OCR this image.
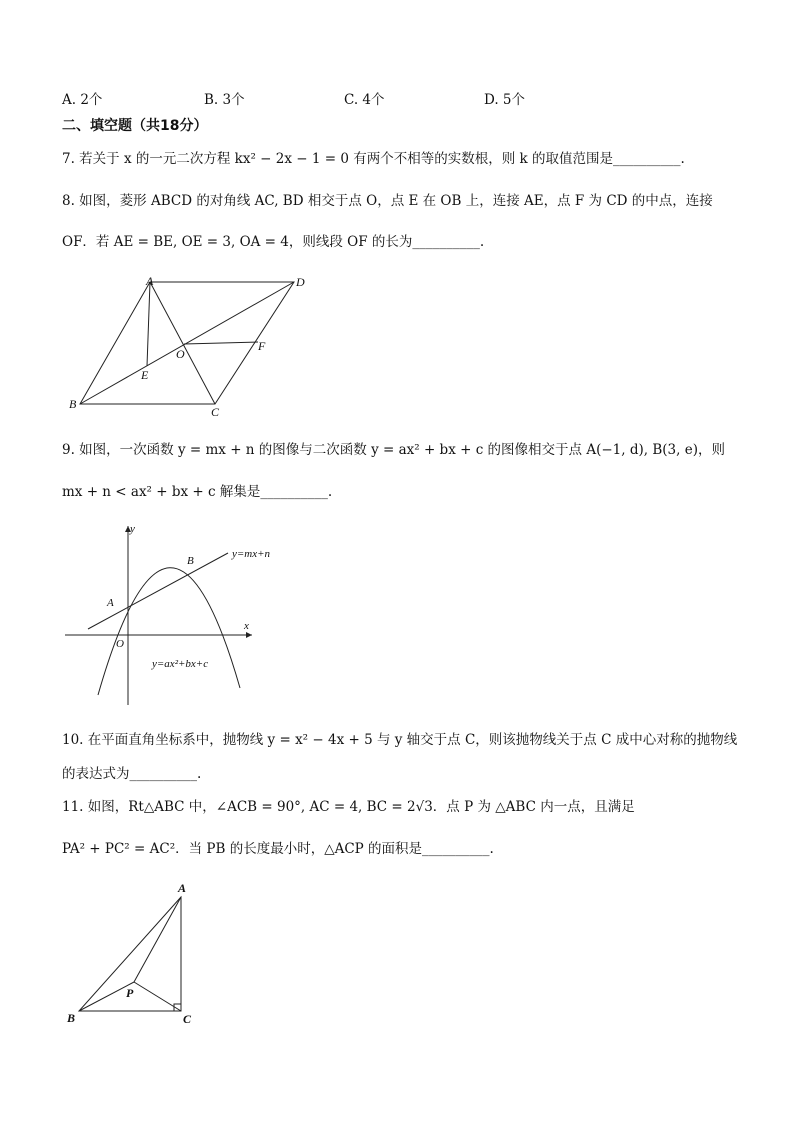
A. 2个	B. 3个	C. 4个	D. 5个
二、填空题（共18分）
7. 若关于 x 的一元二次方程 kx² − 2x − 1 = 0 有两个不相等的实数根，则 k 的取值范围是__________.
8. 如图，菱形 ABCD 的对角线 AC, BD 相交于点 O，点 E 在 OB 上，连接 AE，点 F 为 CD 的中点，连接
OF．若 AE = BE, OE = 3, OA = 4，则线段 OF 的长为__________.
A	D
B
C
E
F
O
9. 如图，一次函数 y = mx + n 的图像与二次函数 y = ax² + bx + c 的图像相交于点 A(−1, d), B(3, e)，则
mx + n < ax² + bx + c 解集是__________.
y
x
O
A
B
y=mx+n
y=ax²+bx+c
10. 在平面直角坐标系中，抛物线 y = x² − 4x + 5 与 y 轴交于点 C，则该抛物线关于点 C 成中心对称的抛物线
的表达式为__________.
11. 如图，Rt△ABC 中，∠ACB = 90°, AC = 4, BC = 2√3．点 P 为 △ABC 内一点，且满足
PA² + PC² = AC²．当 PB 的长度最小时，△ACP 的面积是__________.
A
B	C
P
